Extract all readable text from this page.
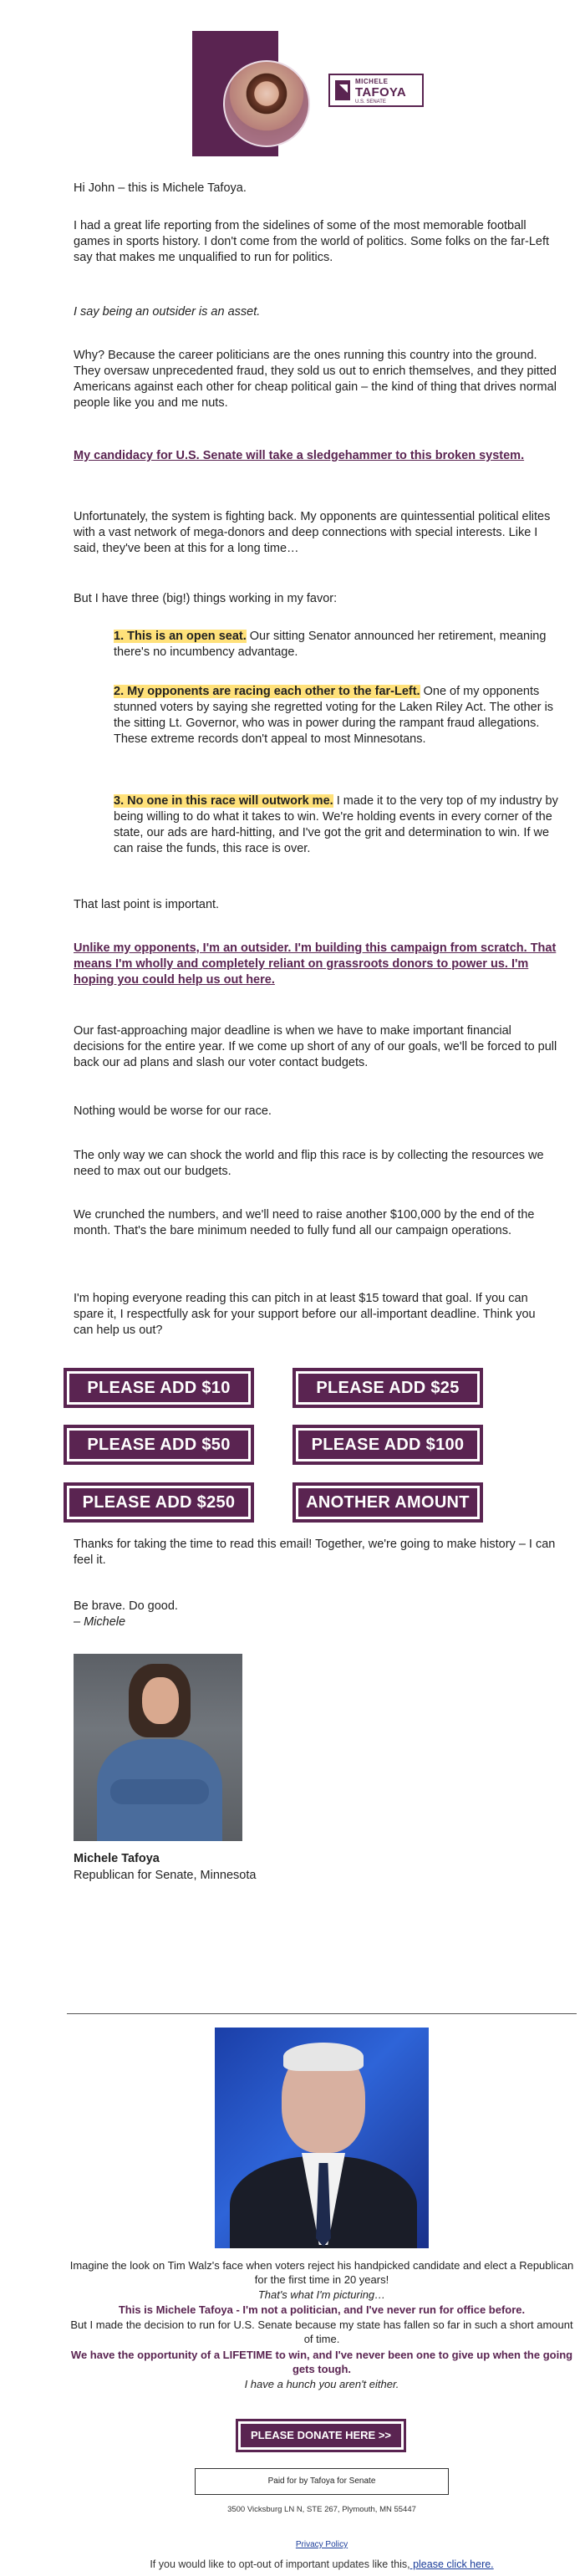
MICHELE
TAFOYA
U.S. SENATE

Hi John – this is Michele Tafoya.

I had a great life reporting from the sidelines of some of the most memorable football games in sports history. I don't come from the world of politics. Some folks on the far-Left say that makes me unqualified to run for politics.

I say being an outsider is an asset.

Why? Because the career politicians are the ones running this country into the ground. They oversaw unprecedented fraud, they sold us out to enrich themselves, and they pitted Americans against each other for cheap political gain – the kind of thing that drives normal people like you and me nuts.

My candidacy for U.S. Senate will take a sledgehammer to this broken system.

Unfortunately, the system is fighting back. My opponents are quintessential political elites with a vast network of mega-donors and deep connections with special interests. Like I said, they've been at this for a long time…

But I have three (big!) things working in my favor:

1. This is an open seat. Our sitting Senator announced her retirement, meaning there's no incumbency advantage.

2. My opponents are racing each other to the far-Left. One of my opponents stunned voters by saying she regretted voting for the Laken Riley Act. The other is the sitting Lt. Governor, who was in power during the rampant fraud allegations. These extreme records don't appeal to most Minnesotans.

3. No one in this race will outwork me. I made it to the very top of my industry by being willing to do what it takes to win. We're holding events in every corner of the state, our ads are hard-hitting, and I've got the grit and determination to win. If we can raise the funds, this race is over.

That last point is important.

Unlike my opponents, I'm an outsider. I'm building this campaign from scratch. That means I'm wholly and completely reliant on grassroots donors to power us. I'm hoping you could help us out here.

Our fast-approaching major deadline is when we have to make important financial decisions for the entire year. If we come up short of any of our goals, we'll be forced to pull back our ad plans and slash our voter contact budgets.

Nothing would be worse for our race.

The only way we can shock the world and flip this race is by collecting the resources we need to max out our budgets.

We crunched the numbers, and we'll need to raise another $100,000 by the end of the month. That's the bare minimum needed to fully fund all our campaign operations.

I'm hoping everyone reading this can pitch in at least $15 toward that goal. If you can spare it, I respectfully ask for your support before our all-important deadline. Think you can help us out?

PLEASE ADD $10	PLEASE ADD $25
PLEASE ADD $50	PLEASE ADD $100
PLEASE ADD $250	ANOTHER AMOUNT

Thanks for taking the time to read this email! Together, we're going to make history – I can feel it.

Be brave. Do good.

– Michele

Michele Tafoya

Republican for Senate, Minnesota

Imagine the look on Tim Walz's face when voters reject his handpicked candidate and elect a Republican for the first time in 20 years!
That's what I'm picturing…
This is Michele Tafoya - I'm not a politician, and I've never run for office before.
But I made the decision to run for U.S. Senate because my state has fallen so far in such a short amount of time.
We have the opportunity of a LIFETIME to win, and I've never been one to give up when the going gets tough.
I have a hunch you aren't either.
PLEASE DONATE HERE >>
Paid for by Tafoya for Senate
3500 Vicksburg LN N, STE 267, Plymouth, MN 55447
Privacy Policy
If you would like to opt-out of important updates like this, please click here.
